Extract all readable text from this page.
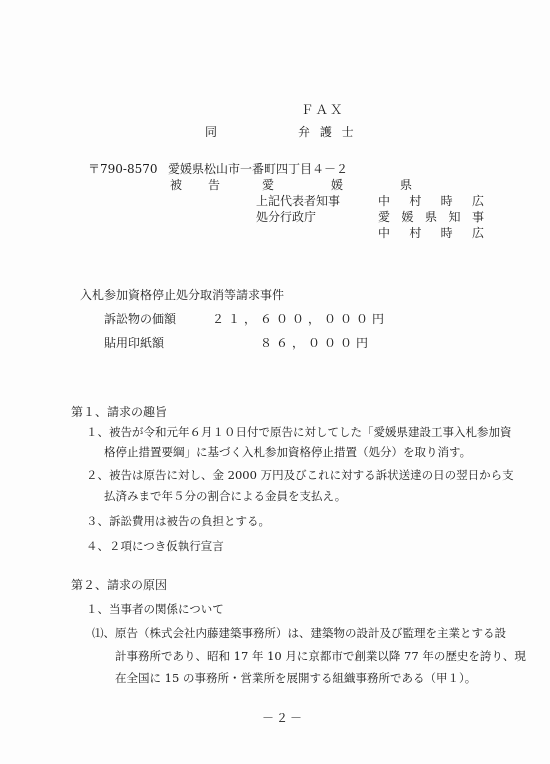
ＦＡＸ
同	弁 護 士
〒790-8570 愛媛県松山市一番町四丁目４－２
被 告	愛	媛	県
上記代表者知事	中 村 時 広
処分行政庁	愛 媛 県 知 事
中 村 時 広
入札参加資格停止処分取消等請求事件
訴訟物の価額	２１，６００，０００円
貼用印紙額	８６，０００円
第１、請求の趣旨
１、被告が令和元年６月１０日付で原告に対してした「愛媛県建設工事入札参加資
格停止措置要綱」に基づく入札参加資格停止措置（処分）を取り消す。
２、被告は原告に対し、金 2000 万円及びこれに対する訴状送達の日の翌日から支
払済みまで年５分の割合による金員を支払え。
３、訴訟費用は被告の負担とする。
４、２項につき仮執行宣言
第２、請求の原因
１、当事者の関係について
⑴、原告（株式会社内藤建築事務所）は、建築物の設計及び監理を主業とする設
計事務所であり、昭和 17 年 10 月に京都市で創業以降 77 年の歴史を誇り、現
在全国に 15 の事務所・営業所を展開する組織事務所である（甲１）。
－２－
